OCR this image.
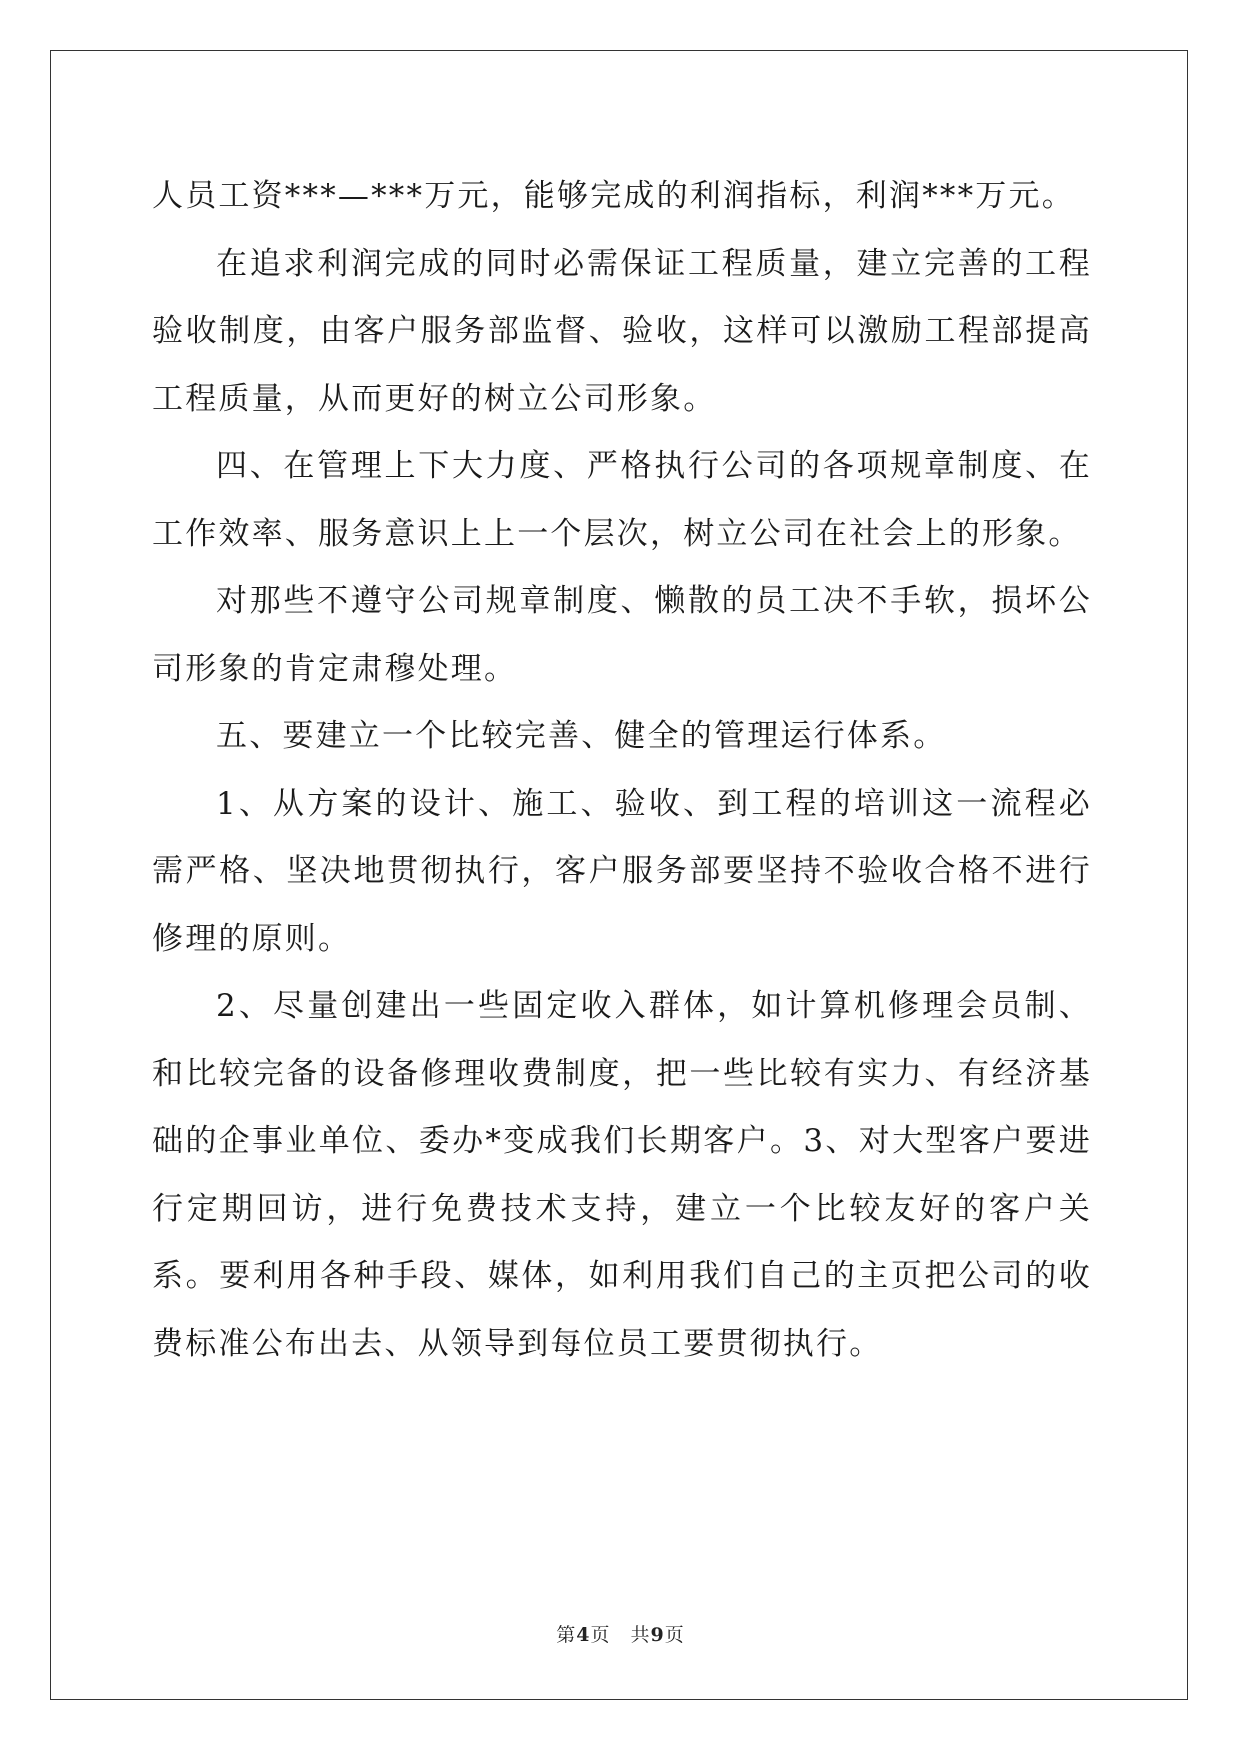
人员工资***—***万元，能够完成的利润指标，利润***万元。

在追求利润完成的同时必需保证工程质量，建立完善的工程验收制度，由客户服务部监督、验收，这样可以激励工程部提高工程质量，从而更好的树立公司形象。

四、在管理上下大力度、严格执行公司的各项规章制度、在工作效率、服务意识上上一个层次，树立公司在社会上的形象。

对那些不遵守公司规章制度、懒散的员工决不手软，损坏公司形象的肯定肃穆处理。

五、要建立一个比较完善、健全的管理运行体系。

1、从方案的设计、施工、验收、到工程的培训这一流程必需严格、坚决地贯彻执行，客户服务部要坚持不验收合格不进行修理的原则。

2、尽量创建出一些固定收入群体，如计算机修理会员制、和比较完备的设备修理收费制度，把一些比较有实力、有经济基础的企事业单位、委办*变成我们长期客户。3、对大型客户要进行定期回访，进行免费技术支持，建立一个比较友好的客户关系。要利用各种手段、媒体，如利用我们自己的主页把公司的收费标准公布出去、从领导到每位员工要贯彻执行。

第4页　共9页
